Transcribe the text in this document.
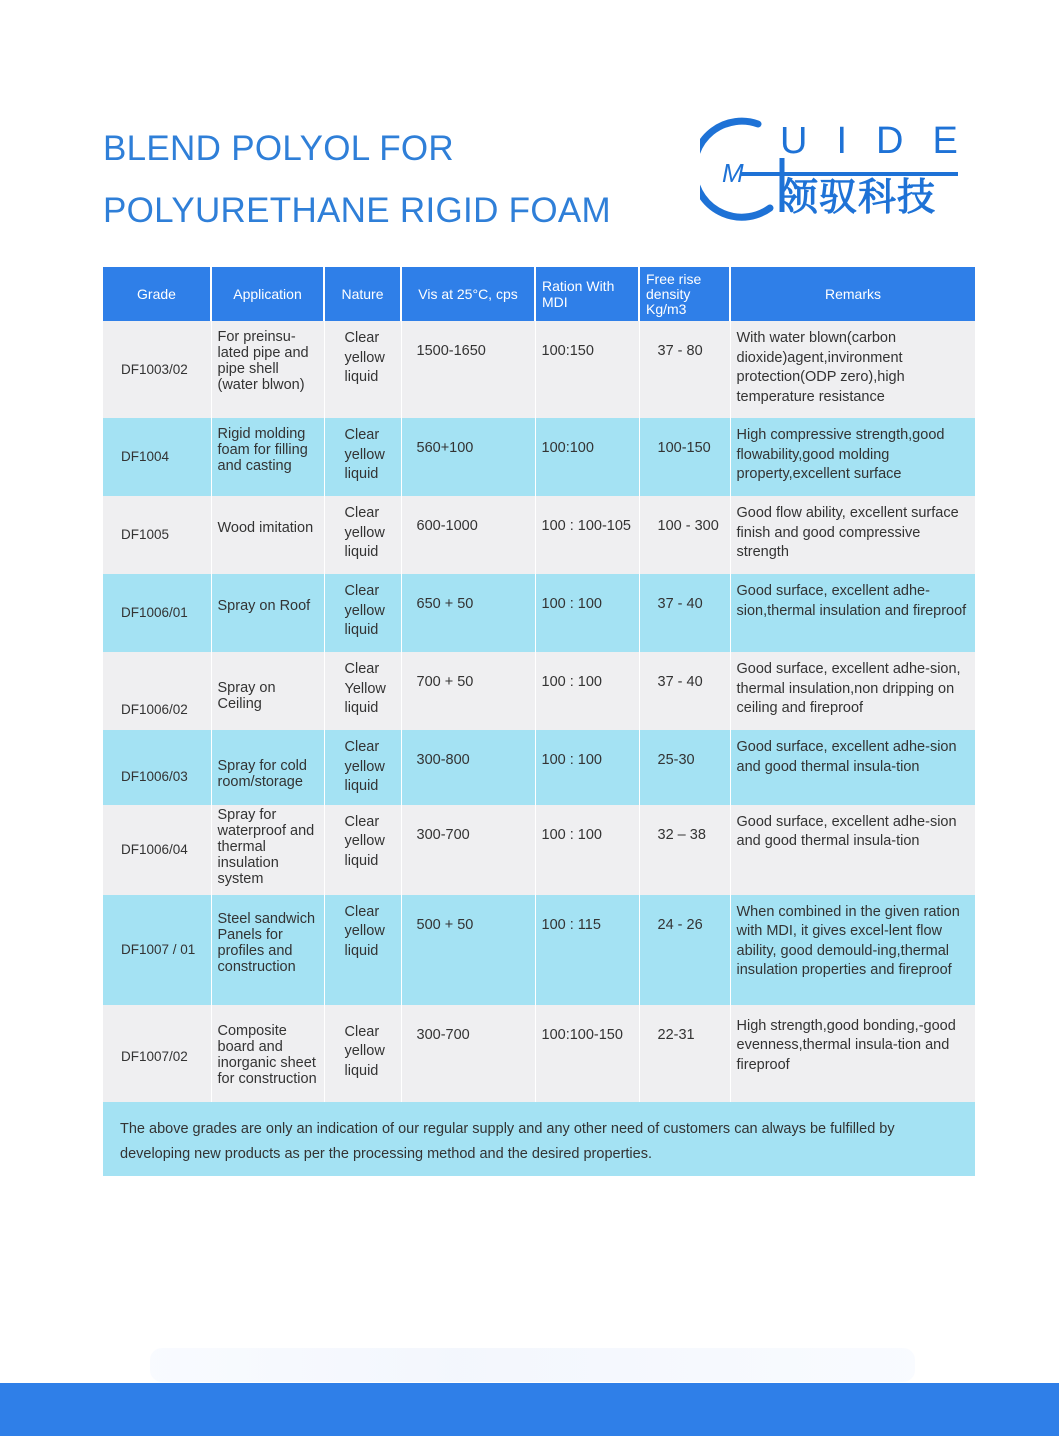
BLEND POLYOL FOR
POLYURETHANE RIGID FOAM
M
UIDE
领驭科技
Grade	Application	Nature	Vis at 25°C, cps	Ration With MDI	Free rise density Kg/m3	Remarks
DF1003/02	For preinsu-lated pipe and pipe shell (water blwon)	Clear yellow liquid	1500-1650	100:150	37 - 80	With water blown(carbon dioxide)agent,invironment protection(ODP zero),high temperature resistance
DF1004	Rigid molding foam for filling and casting	Clear yellow liquid	560+100	100:100	100-150	High compressive strength,good flowability,good molding property,excellent surface
DF1005	Wood imitation	Clear yellow liquid	600-1000	100 : 100-105	100 - 300	Good flow ability, excellent surface finish and good compressive strength
DF1006/01	Spray on Roof	Clear yellow liquid	650 + 50	100 : 100	37 - 40	Good surface, excellent adhe-sion,thermal insulation and fireproof
DF1006/02	Spray on Ceiling	Clear Yellow liquid	700 + 50	100 : 100	37 - 40	Good surface, excellent adhe-sion, thermal insulation,non dripping on ceiling and fireproof
DF1006/03	Spray for cold room/storage	Clear yellow liquid	300-800	100 : 100	25-30	Good surface, excellent adhe-sion and good thermal insula-tion
DF1006/04	Spray for waterproof and thermal insulation system	Clear yellow liquid	300-700	100 : 100	32 – 38	Good surface, excellent adhe-sion and good thermal insula-tion
DF1007 / 01	Steel sandwich Panels for profiles and construction	Clear yellow liquid	500 + 50	100 : 115	24 - 26	When combined in the given ration with MDI, it gives excel-lent flow ability, good demould-ing,thermal insulation properties and fireproof
DF1007/02	Composite board and inorganic sheet for construction	Clear yellow liquid	300-700	100:100-150	22-31	High strength,good bonding,-good evenness,thermal insula-tion and fireproof
The above grades are only an indication of our regular supply and any other need of customers can always be fulfilled by developing new products as per the processing method and the desired properties.
